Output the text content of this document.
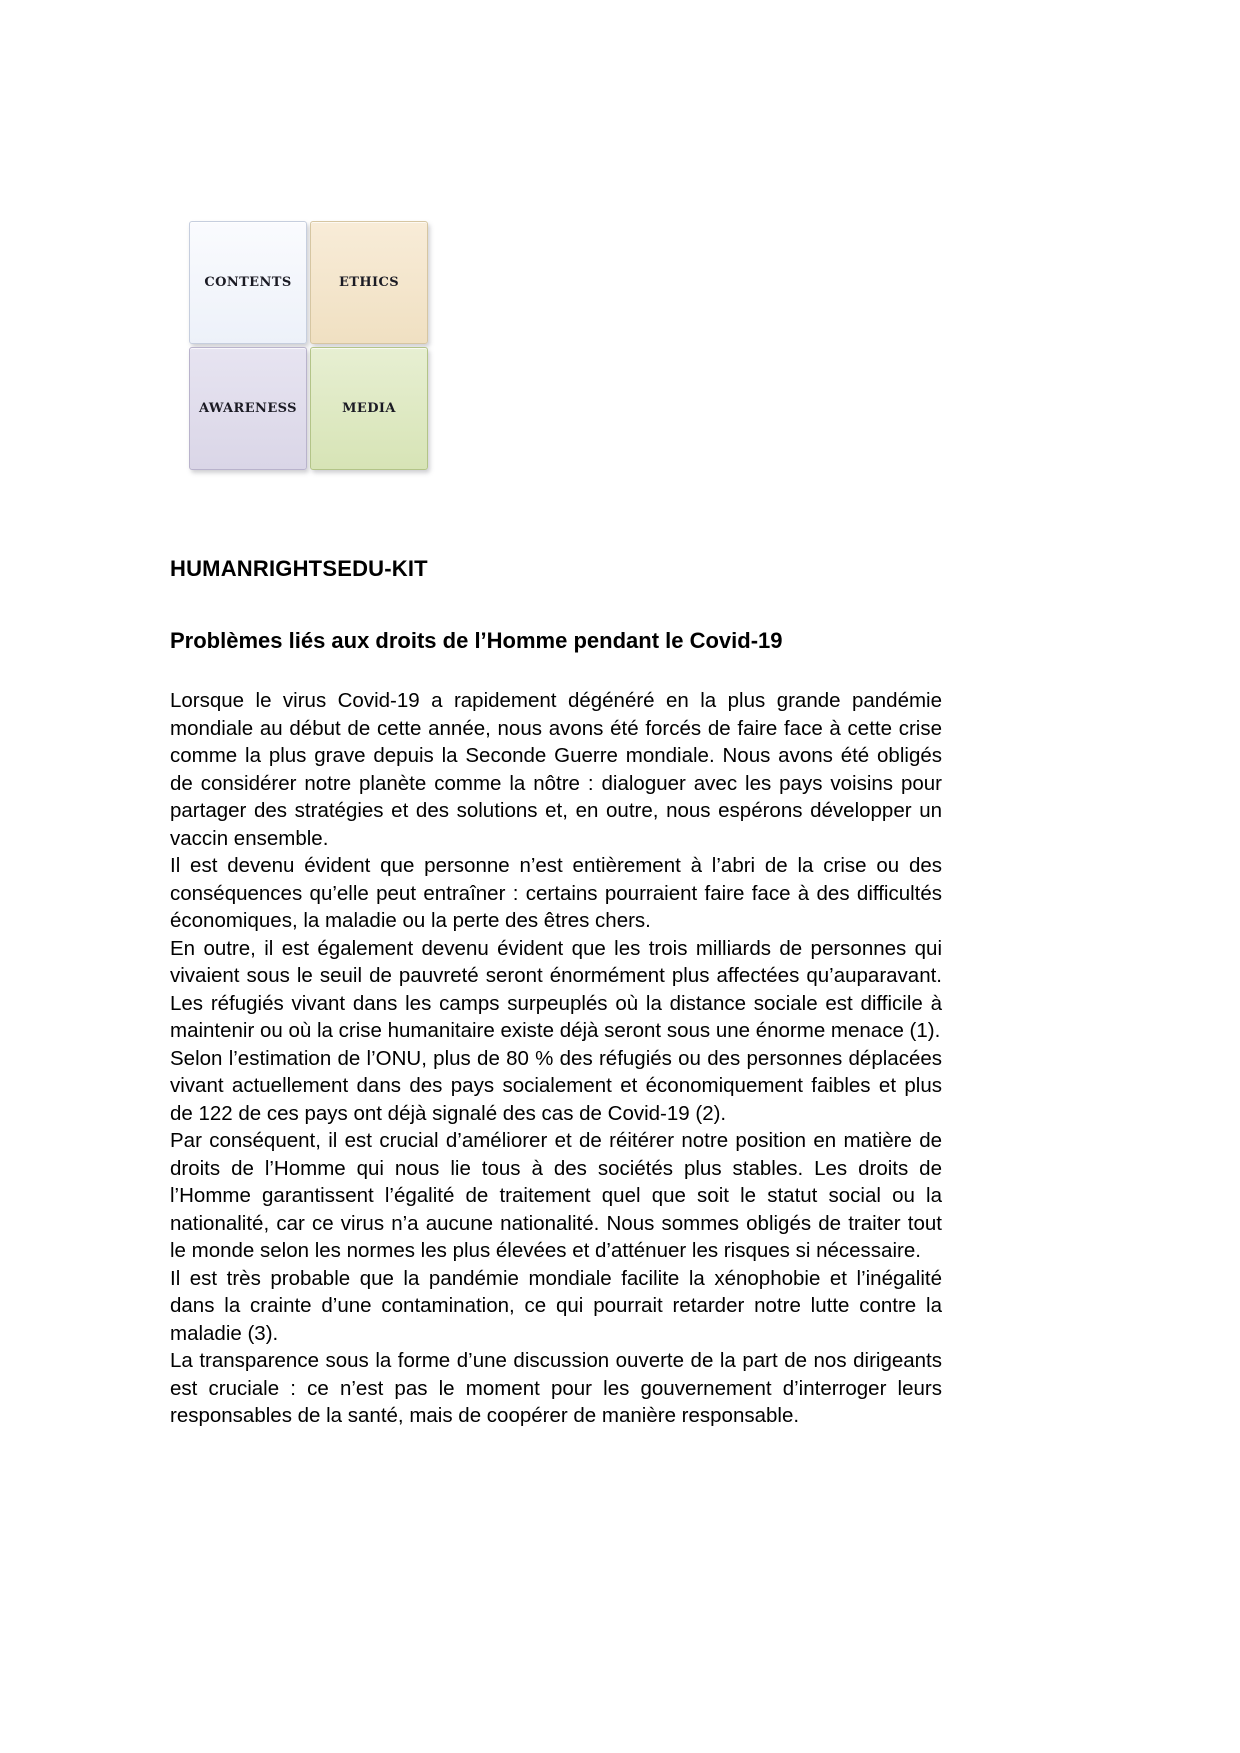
CONTENTS	ETHICS
AWARENESS	MEDIA
HUMANRIGHTSEDU-KIT
Problèmes liés aux droits de l’Homme pendant le Covid-19

Lorsque le virus Covid-19 a rapidement dégénéré en la plus grande pandémie mondiale au début de cette année, nous avons été forcés de faire face à cette crise comme la plus grave depuis la Seconde Guerre mondiale. Nous avons été obligés de considérer notre planète comme la nôtre : dialoguer avec les pays voisins pour partager des stratégies et des solutions et, en outre, nous espérons développer un vaccin ensemble.

Il est devenu évident que personne n’est entièrement à l’abri de la crise ou des conséquences qu’elle peut entraîner : certains pourraient faire face à des difficultés économiques, la maladie ou la perte des êtres chers.

En outre, il est également devenu évident que les trois milliards de personnes qui vivaient sous le seuil de pauvreté seront énormément plus affectées qu’auparavant. Les réfugiés vivant dans les camps surpeuplés où la distance sociale est difficile à maintenir ou où la crise humanitaire existe déjà seront sous une énorme menace (1).

Selon l’estimation de l’ONU, plus de 80 % des réfugiés ou des personnes déplacées vivant actuellement dans des pays socialement et économiquement faibles et plus de 122 de ces pays ont déjà signalé des cas de Covid-19 (2).

Par conséquent, il est crucial d’améliorer et de réitérer notre position en matière de droits de l’Homme qui nous lie tous à des sociétés plus stables. Les droits de l’Homme garantissent l’égalité de traitement quel que soit le statut social ou la nationalité, car ce virus n’a aucune nationalité. Nous sommes obligés de traiter tout le monde selon les normes les plus élevées et d’atténuer les risques si nécessaire.

Il est très probable que la pandémie mondiale facilite la xénophobie et l’inégalité dans la crainte d’une contamination, ce qui pourrait retarder notre lutte contre la maladie (3).

La transparence sous la forme d’une discussion ouverte de la part de nos dirigeants est cruciale : ce n’est pas le moment pour les gouvernement d’interroger leurs responsables de la santé, mais de coopérer de manière responsable.
